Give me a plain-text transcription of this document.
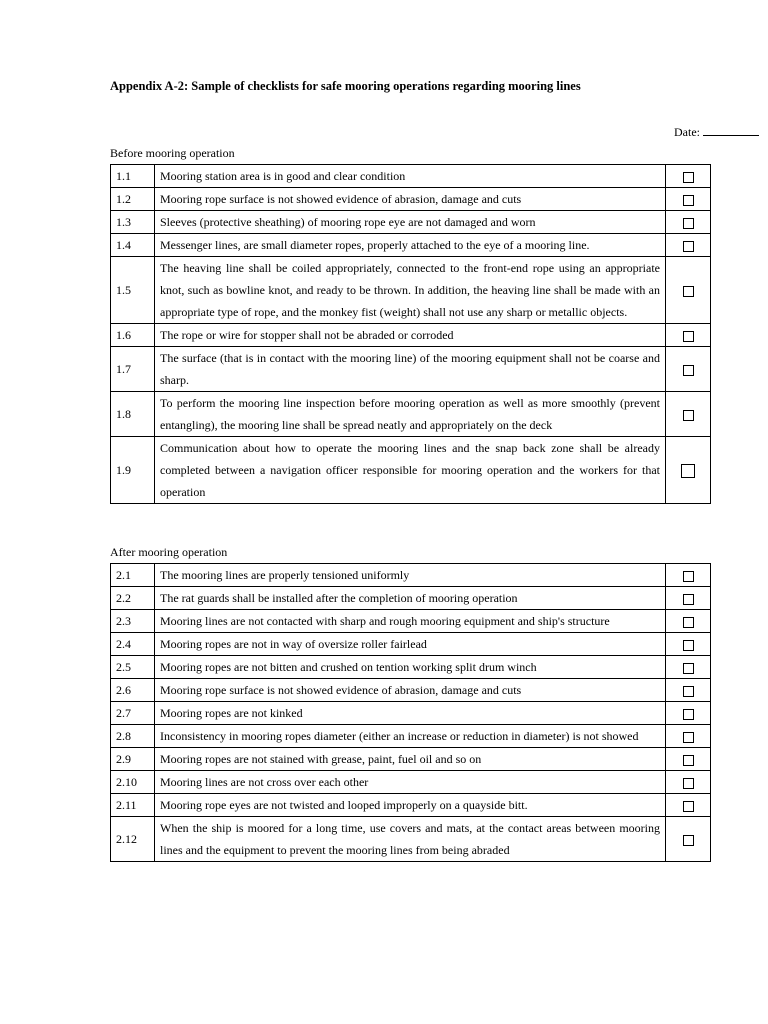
Appendix A-2: Sample of checklists for safe mooring operations regarding mooring lines
Date:
Before mooring operation
1.1	Mooring station area is in good and clear condition	
1.2	Mooring rope surface is not showed evidence of abrasion, damage and cuts	
1.3	Sleeves (protective sheathing) of mooring rope eye are not damaged and worn	
1.4	Messenger lines, are small diameter ropes, properly attached to the eye of a mooring line.	
1.5	The heaving line shall be coiled appropriately, connected to the front-end rope using an appropriate knot, such as bowline knot, and ready to be thrown. In addition, the heaving line shall be made with an appropriate type of rope, and the monkey fist (weight) shall not use any sharp or metallic objects.	
1.6	The rope or wire for stopper shall not be abraded or corroded	
1.7	The surface (that is in contact with the mooring line) of the mooring equipment shall not be coarse and sharp.	
1.8	To perform the mooring line inspection before mooring operation as well as more smoothly (prevent entangling), the mooring line shall be spread neatly and appropriately on the deck	
1.9	Communication about how to operate the mooring lines and the snap back zone shall be already completed between a navigation officer responsible for mooring operation and the workers for that operation	
After mooring operation
2.1	The mooring lines are properly tensioned uniformly	
2.2	The rat guards shall be installed after the completion of mooring operation	
2.3	Mooring lines are not contacted with sharp and rough mooring equipment and ship's structure	
2.4	Mooring ropes are not in way of oversize roller fairlead	
2.5	Mooring ropes are not bitten and crushed on tention working split drum winch	
2.6	Mooring rope surface is not showed evidence of abrasion, damage and cuts	
2.7	Mooring ropes are not kinked	
2.8	Inconsistency in mooring ropes diameter (either an increase or reduction in diameter) is not showed	
2.9	Mooring ropes are not stained with grease, paint, fuel oil and so on	
2.10	Mooring lines are not cross over each other	
2.11	Mooring rope eyes are not twisted and looped improperly on a quayside bitt.	
2.12	When the ship is moored for a long time, use covers and mats, at the contact areas between mooring lines and the equipment to prevent the mooring lines from being abraded	
